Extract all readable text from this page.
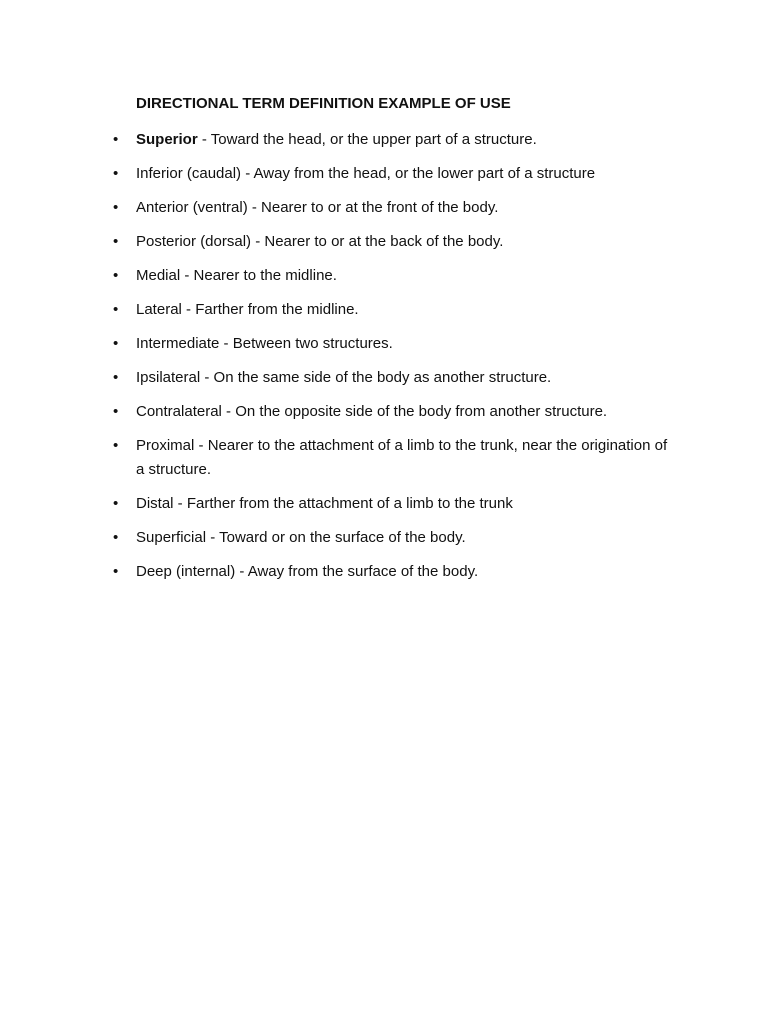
DIRECTIONAL TERM DEFINITION EXAMPLE OF USE
• Superior - Toward the head, or the upper part of a structure.
• Inferior (caudal) - Away from the head, or the lower part of a structure
• Anterior (ventral) - Nearer to or at the front of the body.
• Posterior (dorsal) - Nearer to or at the back of the body.
• Medial - Nearer to the midline.
• Lateral - Farther from the midline.
• Intermediate - Between two structures.
• Ipsilateral - On the same side of the body as another structure.
• Contralateral - On the opposite side of the body from another structure.
• Proximal - Nearer to the attachment of a limb to the trunk, near the origination of a structure.
• Distal - Farther from the attachment of a limb to the trunk
• Superficial - Toward or on the surface of the body.
• Deep (internal) - Away from the surface of the body.
